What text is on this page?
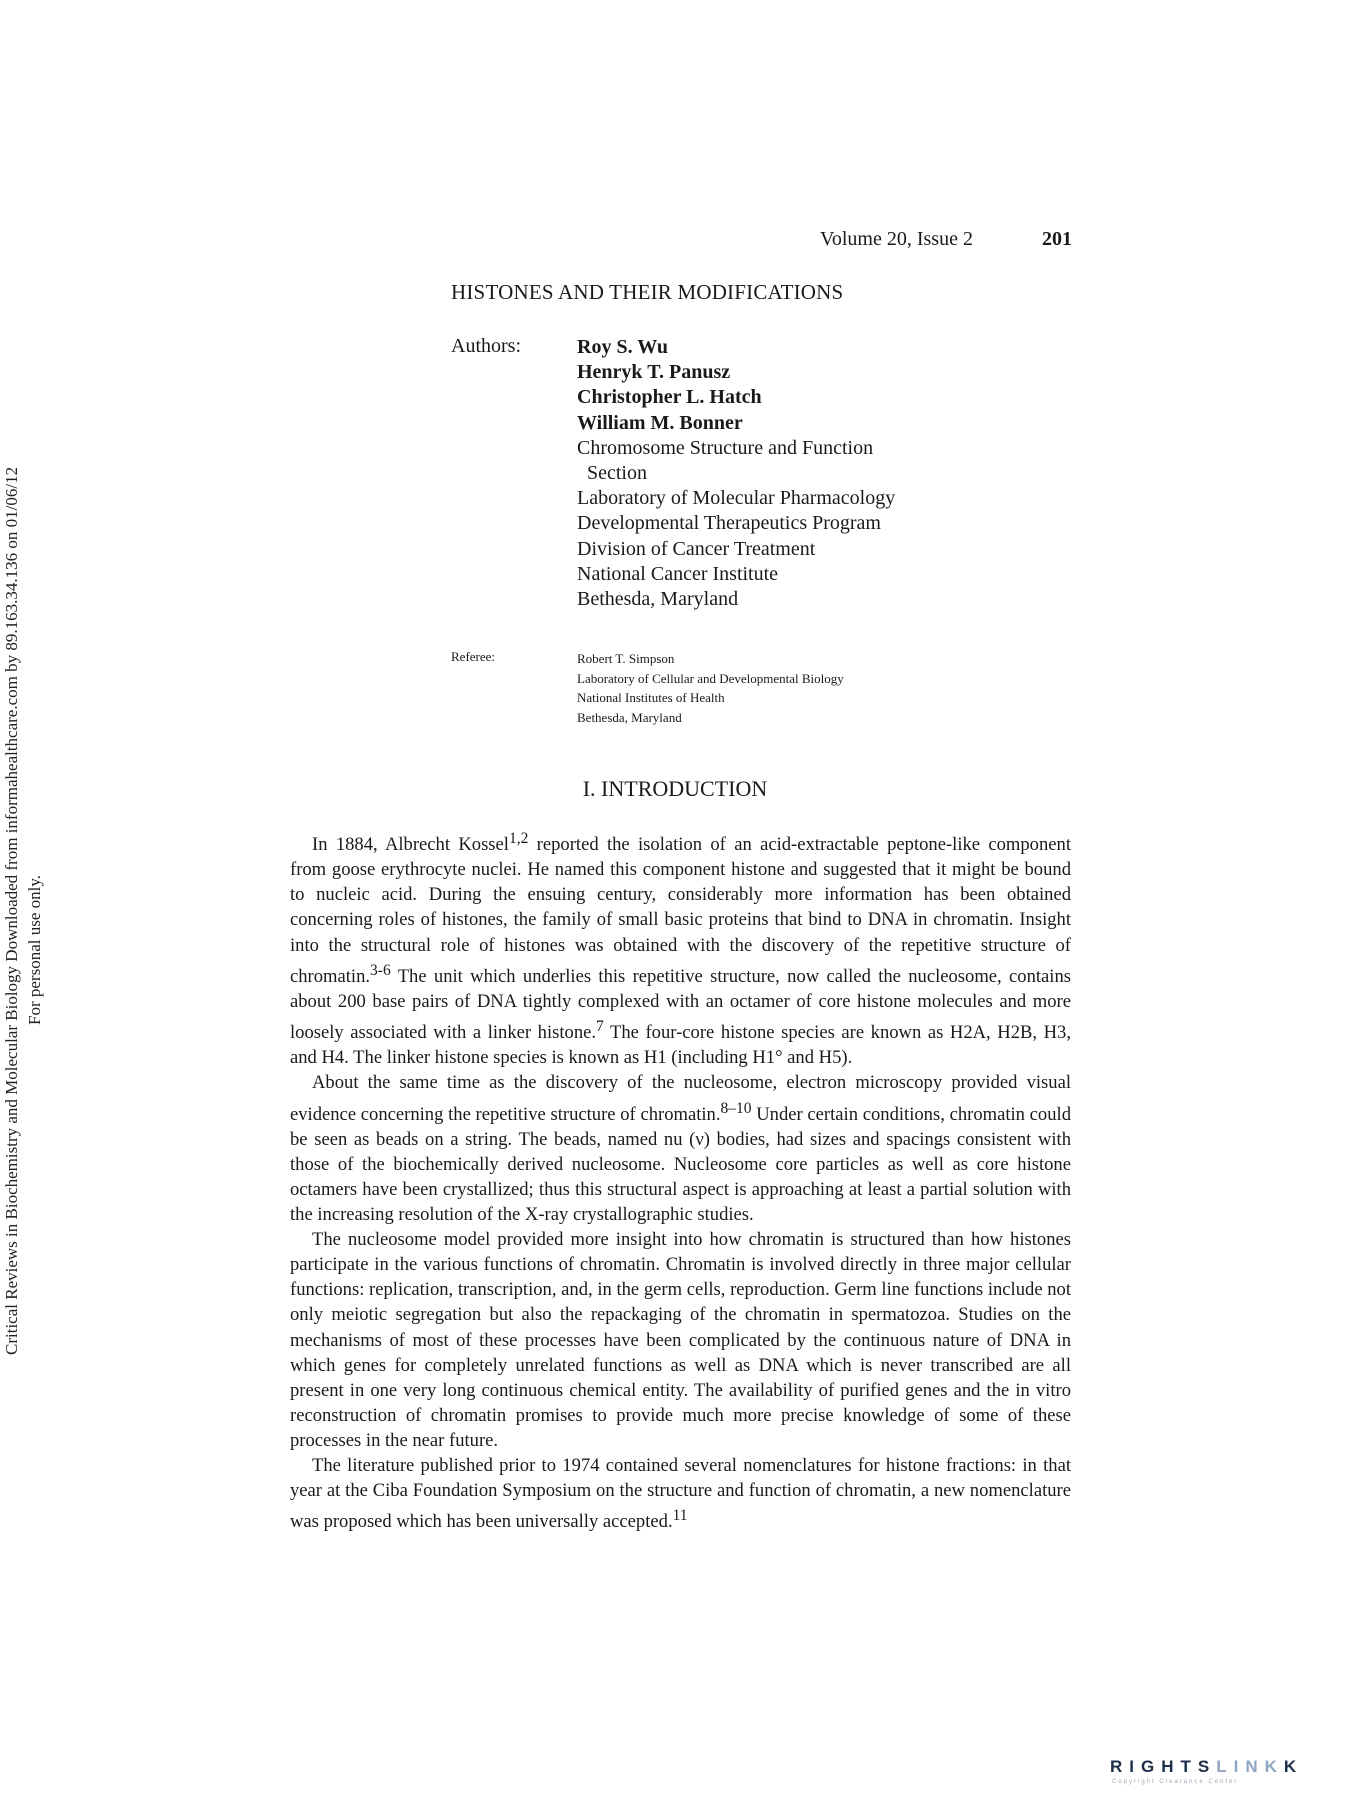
Critical Reviews in Biochemistry and Molecular Biology Downloaded from informahealthcare.com by 89.163.34.136 on 01/06/12 For personal use only.
Volume 20, Issue 2	201
HISTONES AND THEIR MODIFICATIONS
Authors:	Roy S. Wu
Henryk T. Panusz
Christopher L. Hatch
William M. Bonner
Chromosome Structure and Function
Section
Laboratory of Molecular Pharmacology
Developmental Therapeutics Program
Division of Cancer Treatment
National Cancer Institute
Bethesda, Maryland
Referee:	Robert T. Simpson
Laboratory of Cellular and Developmental Biology
National Institutes of Health
Bethesda, Maryland
I. INTRODUCTION

In 1884, Albrecht Kossel$^{1,2}$ reported the isolation of an acid-extractable peptone-like component from goose erythrocyte nuclei. He named this component histone and suggested that it might be bound to nucleic acid. During the ensuing century, considerably more information has been obtained concerning roles of histones, the family of small basic proteins that bind to DNA in chromatin. Insight into the structural role of histones was obtained with the discovery of the repetitive structure of chromatin.$^{3-6}$ The unit which underlies this repetitive structure, now called the nucleosome, contains about 200 base pairs of DNA tightly complexed with an octamer of core histone molecules and more loosely associated with a linker histone.$^7$ The four-core histone species are known as H2A, H2B, H3, and H4. The linker histone species is known as H1 (including H1° and H5).

About the same time as the discovery of the nucleosome, electron microscopy provided visual evidence concerning the repetitive structure of chromatin.$^{8-10}$ Under certain conditions, chromatin could be seen as beads on a string. The beads, named nu (ν) bodies, had sizes and spacings consistent with those of the biochemically derived nucleosome. Nucleosome core particles as well as core histone octamers have been crystallized; thus this structural aspect is approaching at least a partial solution with the increasing resolution of the X-ray crystallographic studies.

The nucleosome model provided more insight into how chromatin is structured than how histones participate in the various functions of chromatin. Chromatin is involved directly in three major cellular functions: replication, transcription, and, in the germ cells, reproduction. Germ line functions include not only meiotic segregation but also the repackaging of the chromatin in spermatozoa. Studies on the mechanisms of most of these processes have been complicated by the continuous nature of DNA in which genes for completely unrelated functions as well as DNA which is never transcribed are all present in one very long continuous chemical entity. The availability of purified genes and the in vitro reconstruction of chromatin promises to provide much more precise knowledge of some of these processes in the near future.

The literature published prior to 1974 contained several nomenclatures for histone fractions: in that year at the Ciba Foundation Symposium on the structure and function of chromatin, a new nomenclature was proposed which has been universally accepted.$^{11}$

RIGHTSLINKK
Copyright Clearance Center
